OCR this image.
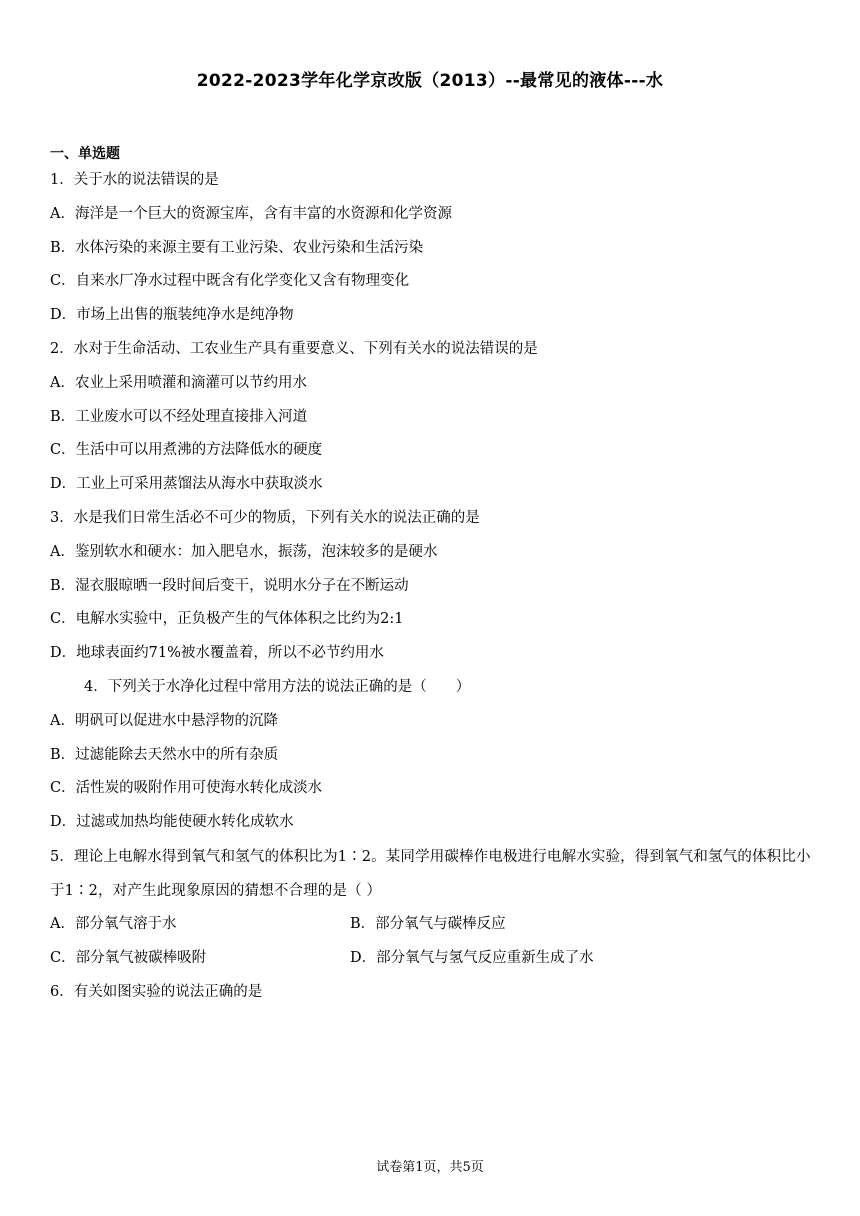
2022-2023学年化学京改版（2013）--最常见的液体---水
一、单选题
1．关于水的说法错误的是
A．海洋是一个巨大的资源宝库，含有丰富的水资源和化学资源
B．水体污染的来源主要有工业污染、农业污染和生活污染
C．自来水厂净水过程中既含有化学变化又含有物理变化
D．市场上出售的瓶装纯净水是纯净物
2．水对于生命活动、工农业生产具有重要意义、下列有关水的说法错误的是
A．农业上采用喷灌和滴灌可以节约用水
B．工业废水可以不经处理直接排入河道
C．生活中可以用煮沸的方法降低水的硬度
D．工业上可采用蒸馏法从海水中获取淡水
3．水是我们日常生活必不可少的物质，下列有关水的说法正确的是
A．鉴别软水和硬水：加入肥皂水，振荡，泡沫较多的是硬水
B．湿衣服晾晒一段时间后变干，说明水分子在不断运动
C．电解水实验中，正负极产生的气体体积之比约为2:1
D．地球表面约71%被水覆盖着，所以不必节约用水
4．下列关于水净化过程中常用方法的说法正确的是（　　）
A．明矾可以促进水中悬浮物的沉降
B．过滤能除去天然水中的所有杂质
C．活性炭的吸附作用可使海水转化成淡水
D．过滤或加热均能使硬水转化成软水
5．理论上电解水得到氧气和氢气的体积比为1∶2。某同学用碳棒作电极进行电解水实验，得到氧气和氢气的体积比小于1∶2，对产生此现象原因的猜想不合理的是（ ）
A．部分氧气溶于水	B．部分氧气与碳棒反应
C．部分氧气被碳棒吸附	D．部分氧气与氢气反应重新生成了水
6．有关如图实验的说法正确的是
试卷第1页，共5页
